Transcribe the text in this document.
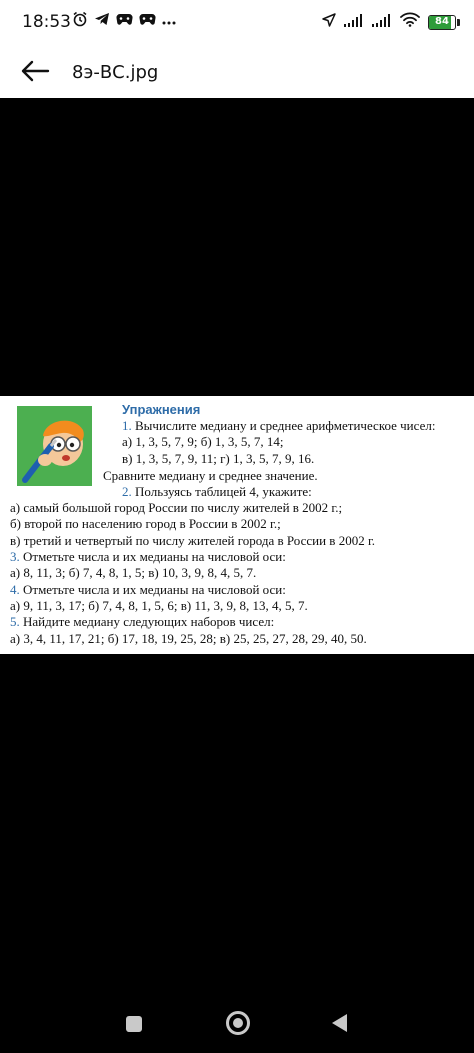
18:53	84
8э-ВС.jpg
Упражнения
1. Вычислите медиану и среднее арифметическое чисел:
а) 1, 3, 5, 7, 9; б) 1, 3, 5, 7, 14;
в) 1, 3, 5, 7, 9, 11; г) 1, 3, 5, 7, 9, 16.
Сравните медиану и среднее значение.
2. Пользуясь таблицей 4, укажите:
а) самый большой город России по числу жителей в 2002 г.;
б) второй по населению город в России в 2002 г.;
в) третий и четвертый по числу жителей города в России в 2002 г.
3. Отметьте числа и их медианы на числовой оси:
а) 8, 11, 3; б) 7, 4, 8, 1, 5; в) 10, 3, 9, 8, 4, 5, 7.
4. Отметьте числа и их медианы на числовой оси:
а) 9, 11, 3, 17; б) 7, 4, 8, 1, 5, 6; в) 11, 3, 9, 8, 13, 4, 5, 7.
5. Найдите медиану следующих наборов чисел:
а) 3, 4, 11, 17, 21; б) 17, 18, 19, 25, 28; в) 25, 25, 27, 28, 29, 40, 50.
